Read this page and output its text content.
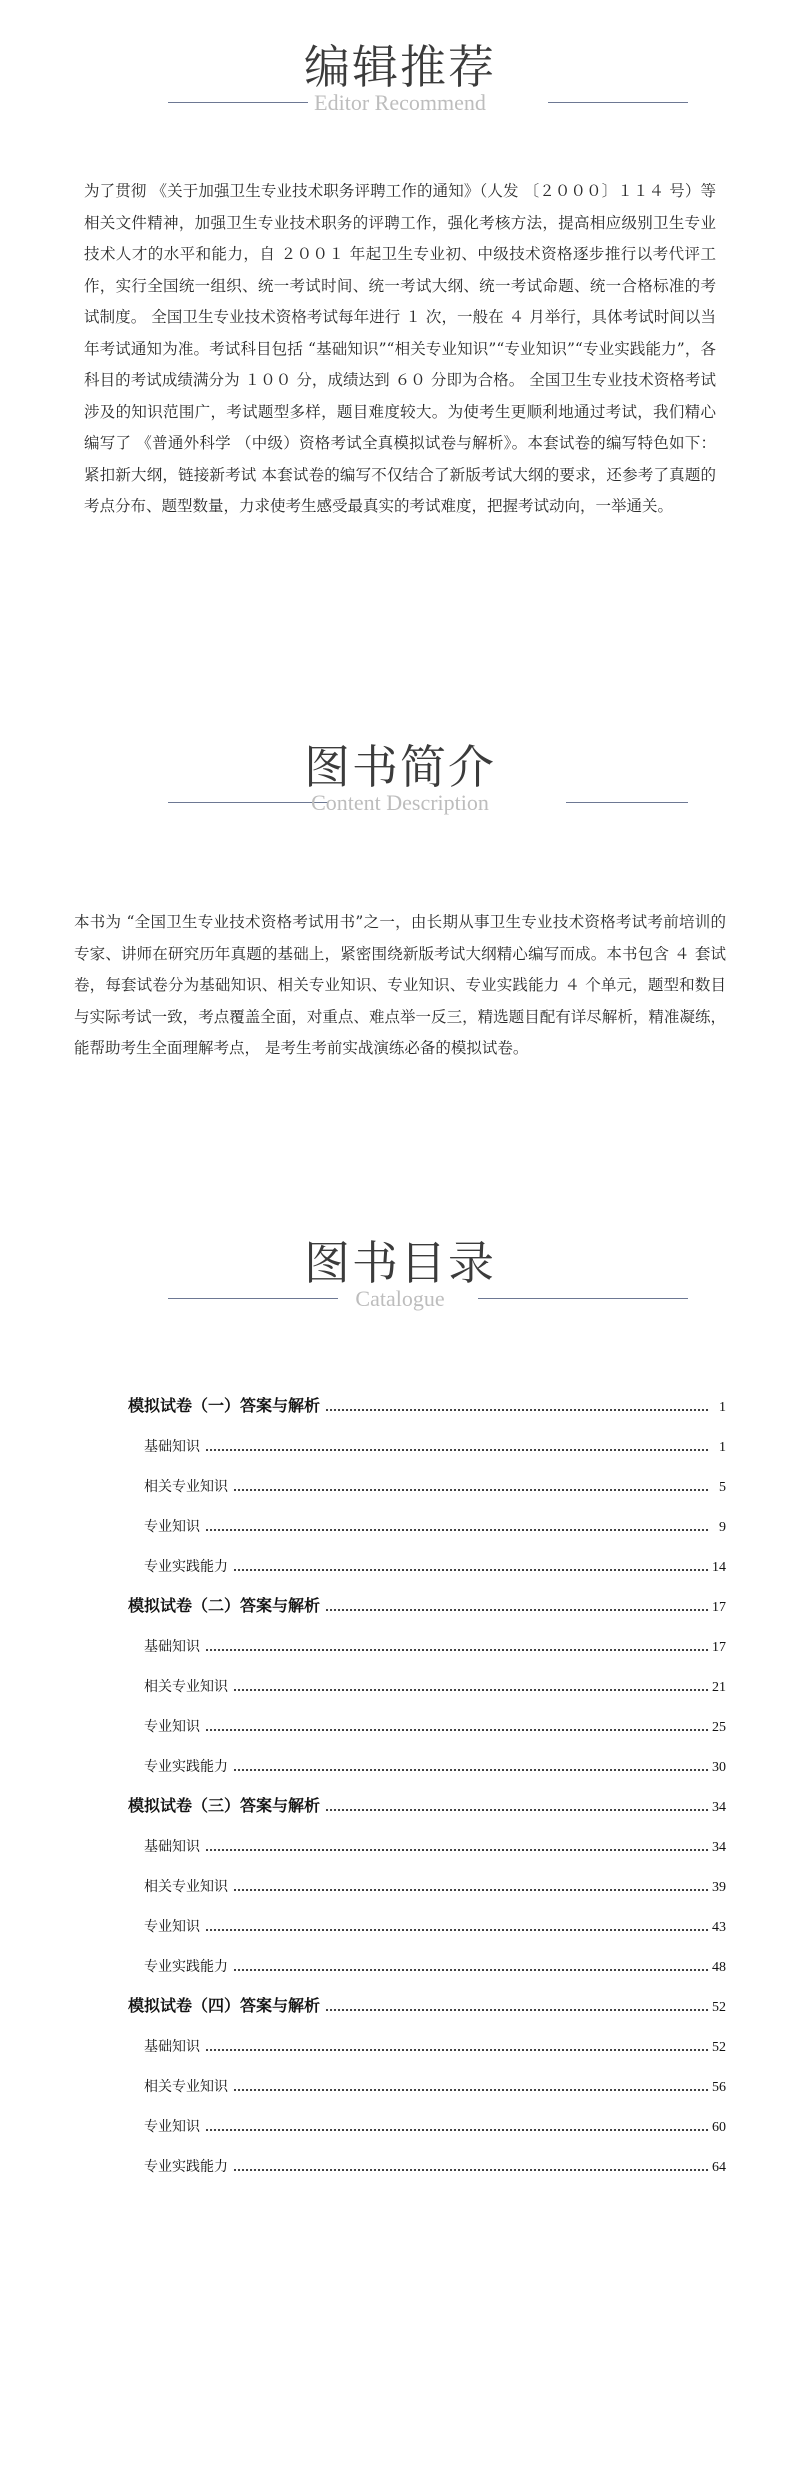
编辑推荐
Editor Recommend

为了贯彻 《关于加强卫生专业技术职务评聘工作的通知》（人发 〔２０００〕１１４ 号）等相关文件精神，加强卫生专业技术职务的评聘工作，强化考核方法，提高相应级别卫生专业技术人才的水平和能力，自 ２００１ 年起卫生专业初、中级技术资格逐步推行以考代评工作，实行全国统一组织、统一考试时间、统一考试大纲、统一考试命题、统一合格标准的考试制度。 全国卫生专业技术资格考试每年进行 １ 次，一般在 ４ 月举行，具体考试时间以当年考试通知为准。考试科目包括 “基础知识”“相关专业知识”“专业知识”“专业实践能力”，各科目的考试成绩满分为 １００ 分，成绩达到 ６０ 分即为合格。 全国卫生专业技术资格考试涉及的知识范围广，考试题型多样，题目难度较大。为使考生更顺利地通过考试，我们精心编写了 《普通外科学 （中级）资格考试全真模拟试卷与解析》。本套试卷的编写特色如下： 紧扣新大纲，链接新考试 本套试卷的编写不仅结合了新版考试大纲的要求，还参考了真题的考点分布、题型数量，力求使考生感受最真实的考试难度，把握考试动向，一举通关。

图书简介
Content Description

本书为 “全国卫生专业技术资格考试用书”之一，由长期从事卫生专业技术资格考试考前培训的专家、讲师在研究历年真题的基础上，紧密围绕新版考试大纲精心编写而成。本书包含 ４ 套试卷，每套试卷分为基础知识、相关专业知识、专业知识、专业实践能力 ４ 个单元，题型和数目与实际考试一致，考点覆盖全面，对重点、难点举一反三，精选题目配有详尽解析，精准凝练，能帮助考生全面理解考点， 是考生考前实战演练必备的模拟试卷。

图书目录
Catalogue
模拟试卷（一）答案与解析	1
基础知识	1
相关专业知识	5
专业知识	9
专业实践能力	14
模拟试卷（二）答案与解析	17
基础知识	17
相关专业知识	21
专业知识	25
专业实践能力	30
模拟试卷（三）答案与解析	34
基础知识	34
相关专业知识	39
专业知识	43
专业实践能力	48
模拟试卷（四）答案与解析	52
基础知识	52
相关专业知识	56
专业知识	60
专业实践能力	64
